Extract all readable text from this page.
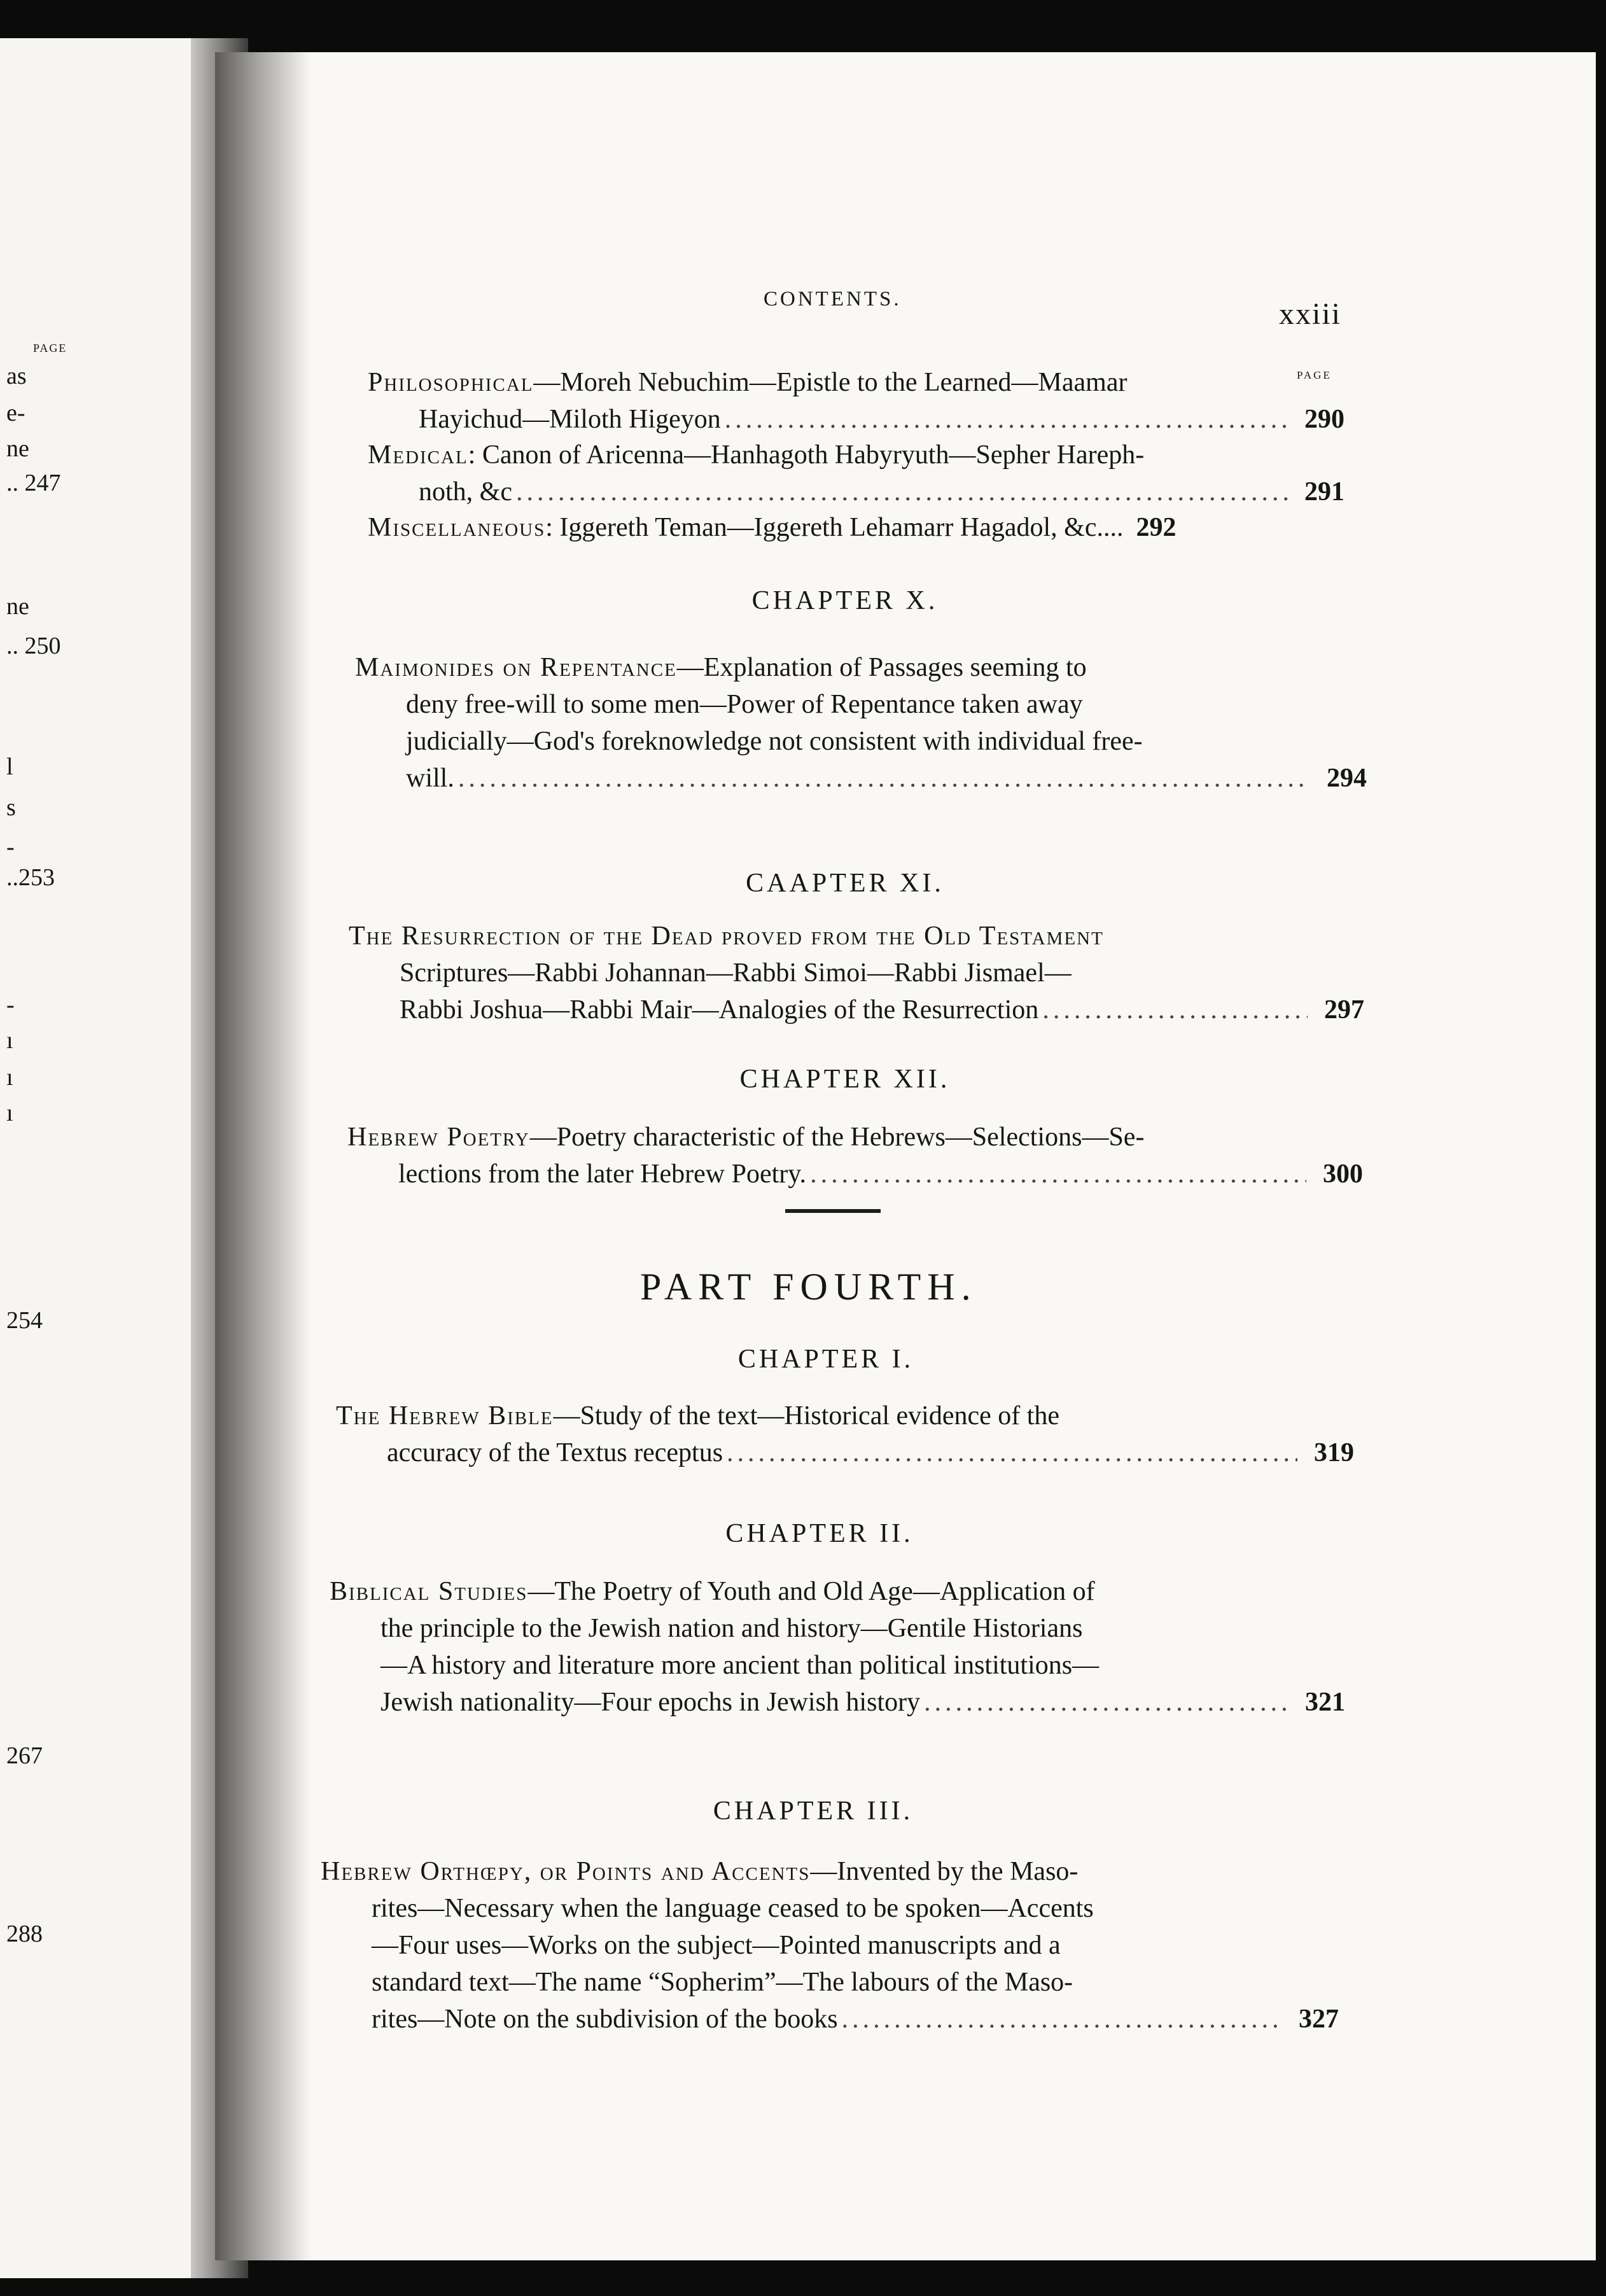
PAGE
as
e-
ne
.. 247
ne
.. 250
l
s
-
..253
-
ı
ı
ı
254
267
288
CONTENTS.	xxiii
PAGE
Philosophical —Moreh Nebuchim—Epistle to the Learned—Maamar
Hayichud—Miloth Higeyon .....	290
Medical : Canon of Aricenna—Hanhagoth Habyryuth—Sepher Hareph-
noth, &c .....	291
Miscellaneous : Iggereth Teman—Iggereth Lehamarr Hagadol, &c.... 292
CHAPTER X.
Maimonides on Repentance —Explanation of Passages seeming to
deny free-will to some men—Power of Repentance taken away
judicially—God's foreknowledge not consistent with individual free-
will. .....	294
CAAPTER XI.
The Resurrection of the Dead proved from the Old Testament
Scriptures—Rabbi Johannan—Rabbi Simoi—Rabbi Jismael—
Rabbi Joshua—Rabbi Mair—Analogies of the Resurrection .....	297
CHAPTER XII.
Hebrew Poetry —Poetry characteristic of the Hebrews—Selections—Se-
lections from the later Hebrew Poetry. .....	300
PART FOURTH.
CHAPTER I.
The Hebrew Bible —Study of the text—Historical evidence of the
accuracy of the Textus receptus .....	319
CHAPTER II.
Biblical Studies —The Poetry of Youth and Old Age—Application of
the principle to the Jewish nation and history—Gentile Historians
—A history and literature more ancient than political institutions—
Jewish nationality—Four epochs in Jewish history .....	321
CHAPTER III.
Hebrew Orthœpy, or Points and Accents —Invented by the Maso-
rites—Necessary when the language ceased to be spoken—Accents
—Four uses—Works on the subject—Pointed manuscripts and a
standard text—The name “Sopherim”—The labours of the Maso-
rites—Note on the subdivision of the books .....	327
